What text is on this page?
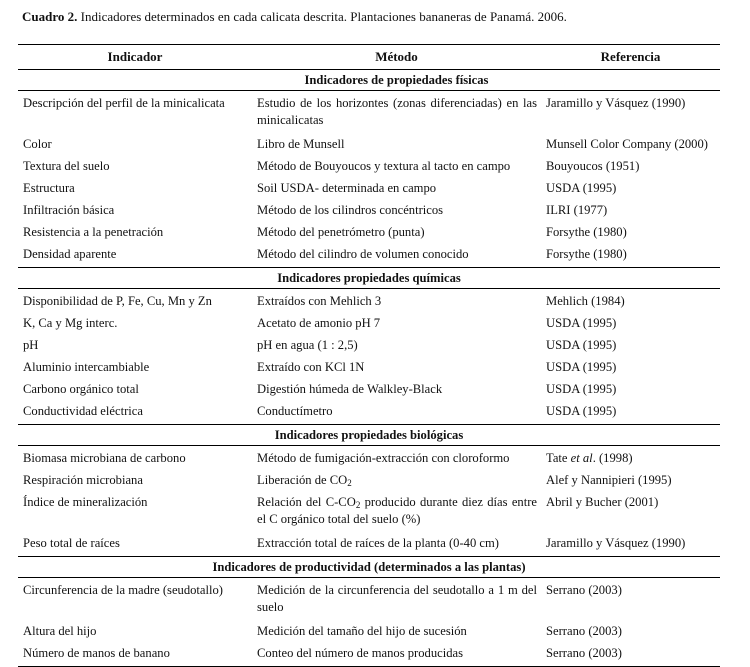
Cuadro 2. Indicadores determinados en cada calicata descrita. Plantaciones bananeras de Panamá. 2006.
Indicador	Método	Referencia
	Indicadores de propiedades físicas	
Descripción del perfil de la minicalicata	Estudio de los horizontes (zonas diferenciadas) en las minicalicatas	Jaramillo y Vásquez (1990)
Color	Libro de Munsell	Munsell Color Company (2000)
Textura del suelo	Método de Bouyoucos y textura al tacto en campo	Bouyoucos (1951)
Estructura	Soil USDA- determinada en campo	USDA (1995)
Infiltración básica	Método de los cilindros concéntricos	ILRI (1977)
Resistencia a la penetración	Método del penetrómetro (punta)	Forsythe (1980)
Densidad aparente	Método del cilindro de volumen conocido	Forsythe (1980)
Indicadores propiedades químicas		
Disponibilidad de P, Fe, Cu, Mn y Zn	Extraídos con Mehlich 3	Mehlich (1984)
K, Ca y Mg interc.	Acetato de amonio pH 7	USDA (1995)
pH	pH en agua (1 : 2,5)	USDA (1995)
Aluminio intercambiable	Extraído con KCl 1N	USDA (1995)
Carbono orgánico total	Digestión húmeda de Walkley-Black	USDA (1995)
Conductividad eléctrica	Conductímetro	USDA (1995)
Indicadores propiedades biológicas		
Biomasa microbiana de carbono	Método de fumigación-extracción con cloroformo	Tate et al. (1998)
Respiración microbiana	Liberación de $CO_2$	Alef y Nannipieri (1995)
Índice de mineralización	Relación del $C-CO_2$ producido durante diez días entre el C orgánico total del suelo (%)	Abril y Bucher (2001)
Peso total de raíces	Extracción total de raíces de la planta (0-40 cm)	Jaramillo y Vásquez (1990)
Indicadores de productividad (determinados a las plantas)		
Circunferencia de la madre (seudotallo)	Medición de la circunferencia del seudotallo a 1 m del suelo	Serrano (2003)
Altura del hijo	Medición del tamaño del hijo de sucesión	Serrano (2003)
Número de manos de banano	Conteo del número de manos producidas	Serrano (2003)
